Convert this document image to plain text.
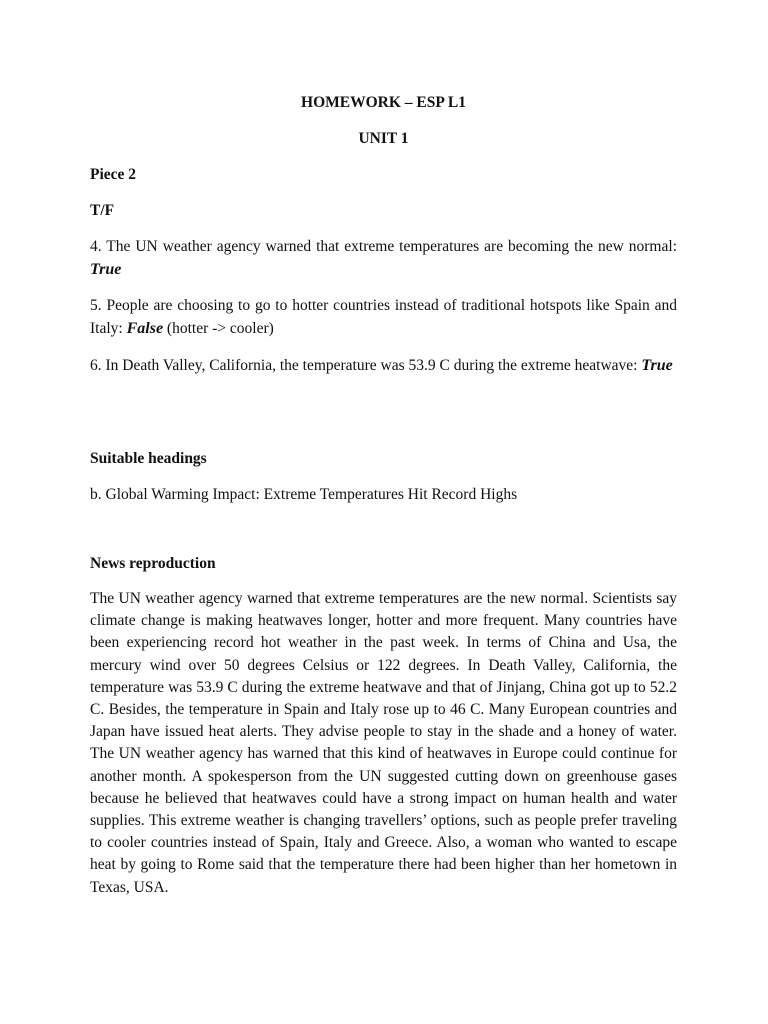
HOMEWORK – ESP L1
UNIT 1
Piece 2
T/F

4. The UN weather agency warned that extreme temperatures are becoming the new normal: True

5. People are choosing to go to hotter countries instead of traditional hotspots like Spain and Italy: False (hotter -> cooler)

6. In Death Valley, California, the temperature was 53.9 C during the extreme heatwave: True

Suitable headings

b. Global Warming Impact: Extreme Temperatures Hit Record Highs

News reproduction

The UN weather agency warned that extreme temperatures are the new normal. Scientists say climate change is making heatwaves longer, hotter and more frequent. Many countries have been experiencing record hot weather in the past week. In terms of China and Usa, the mercury wind over 50 degrees Celsius or 122 degrees. In Death Valley, California, the temperature was 53.9 C during the extreme heatwave and that of Jinjang, China got up to 52.2 C. Besides, the temperature in Spain and Italy rose up to 46 C. Many European countries and Japan have issued heat alerts. They advise people to stay in the shade and a honey of water. The UN weather agency has warned that this kind of heatwaves in Europe could continue for another month. A spokesperson from the UN suggested cutting down on greenhouse gases because he believed that heatwaves could have a strong impact on human health and water supplies. This extreme weather is changing travellers’ options, such as people prefer traveling to cooler countries instead of Spain, Italy and Greece. Also, a woman who wanted to escape heat by going to Rome said that the temperature there had been higher than her hometown in Texas, USA.
